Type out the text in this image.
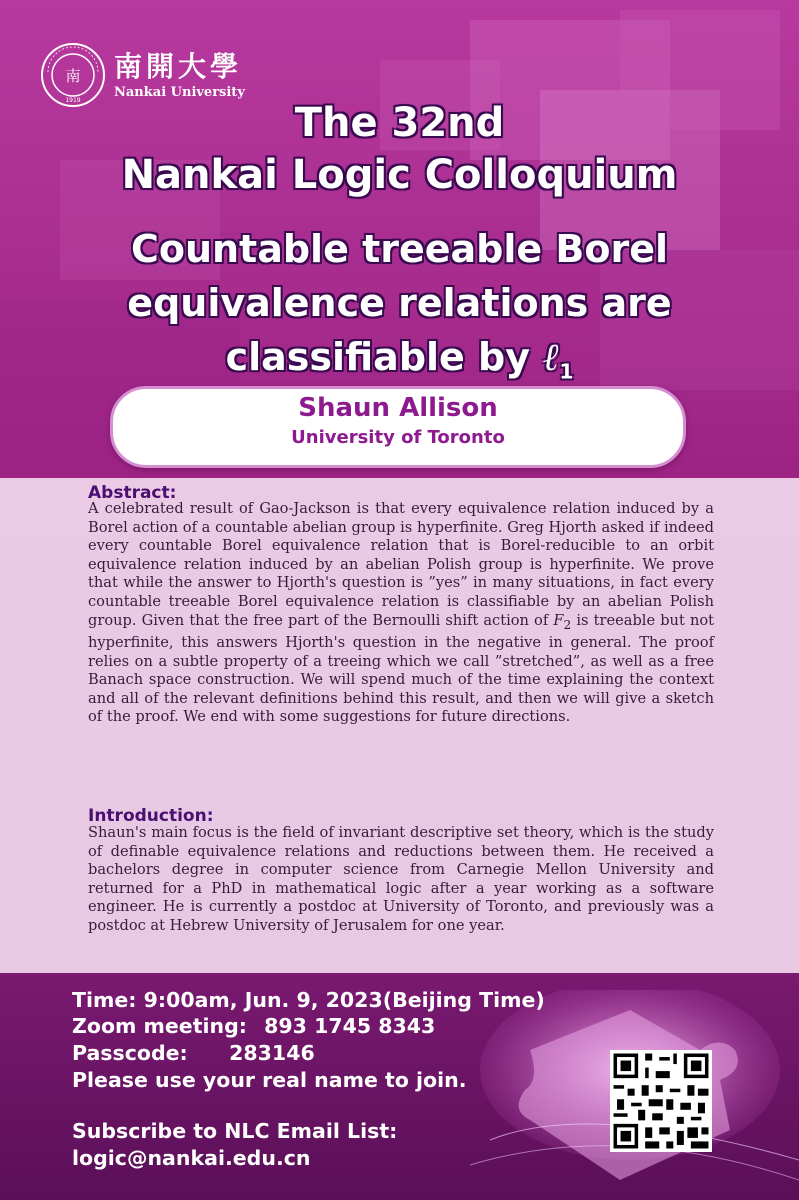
南
1919
南開大學
Nankai University
The 32nd
Nankai Logic Colloquium
Countable treeable Borel
equivalence relations are
classifiable by ℓ$_1$
Shaun Allison
University of Toronto
Abstract:

A celebrated result of Gao-Jackson is that every equivalence relation induced by a Borel action of a countable abelian group is hyperfinite. Greg Hjorth asked if indeed every countable Borel equivalence relation that is Borel-reducible to an orbit equivalence relation induced by an abelian Polish group is hyperfinite. We prove that while the answer to Hjorth's question is ”yes” in many situations, in fact every countable treeable Borel equivalence relation is classifiable by an abelian Polish group. Given that the free part of the Bernoulli shift action of $F_2$ is treeable but not hyperfinite, this answers Hjorth's question in the negative in general. The proof relies on a subtle property of a treeing which we call ”stretched”, as well as a free Banach space construction. We will spend much of the time explaining the context and all of the relevant definitions behind this result, and then we will give a sketch of the proof. We end with some suggestions for future directions.

Introduction:

Shaun's main focus is the field of invariant descriptive set theory, which is the study of definable equivalence relations and reductions between them. He received a bachelors degree in computer science from Carnegie Mellon University and returned for a PhD in mathematical logic after a year working as a software engineer. He is currently a postdoc at University of Toronto, and previously was a postdoc at Hebrew University of Jerusalem for one year.

Time: 9:00am, Jun. 9, 2023(Beijing Time)
Zoom meeting: 893 1745 8343
Passcode: 283146
Please use your real name to join.
Subscribe to NLC Email List:
logic@nankai.edu.cn
